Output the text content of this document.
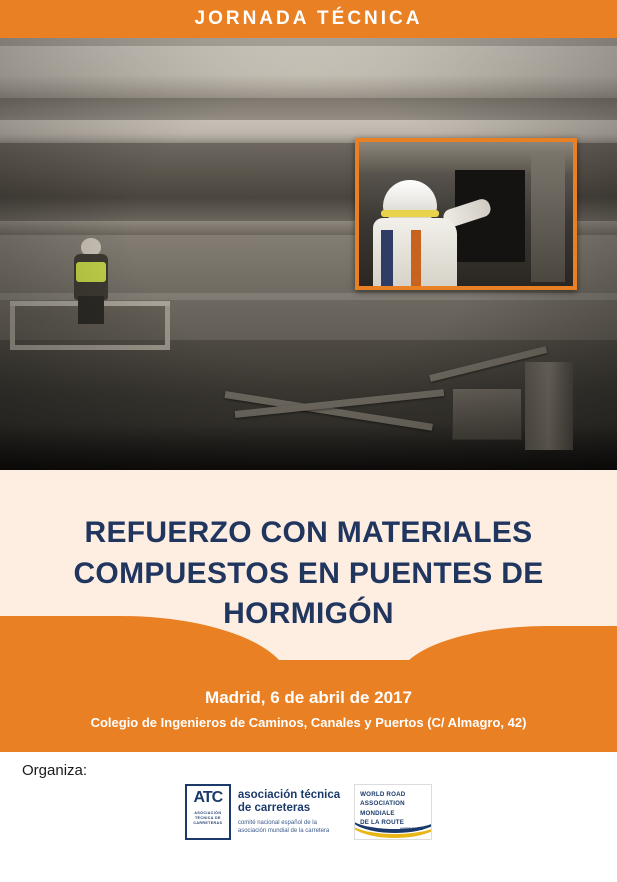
JORNADA TÉCNICA
REFUERZO CON MATERIALES COMPUESTOS EN PUENTES DE HORMIGÓN
Madrid, 6 de abril de 2017
Colegio de Ingenieros de Caminos, Canales y Puertos (C/ Almagro, 42)
Organiza:
ATC
ASOCIACIÓN
TÉCNICA DE
CARRETERAS
asociación técnica
de carreteras
comité nacional español de la
asociación mundial de la carretera
WORLD ROAD
ASSOCIATION
MONDIALE
DE LA ROUTE
AIPCR PIARC
